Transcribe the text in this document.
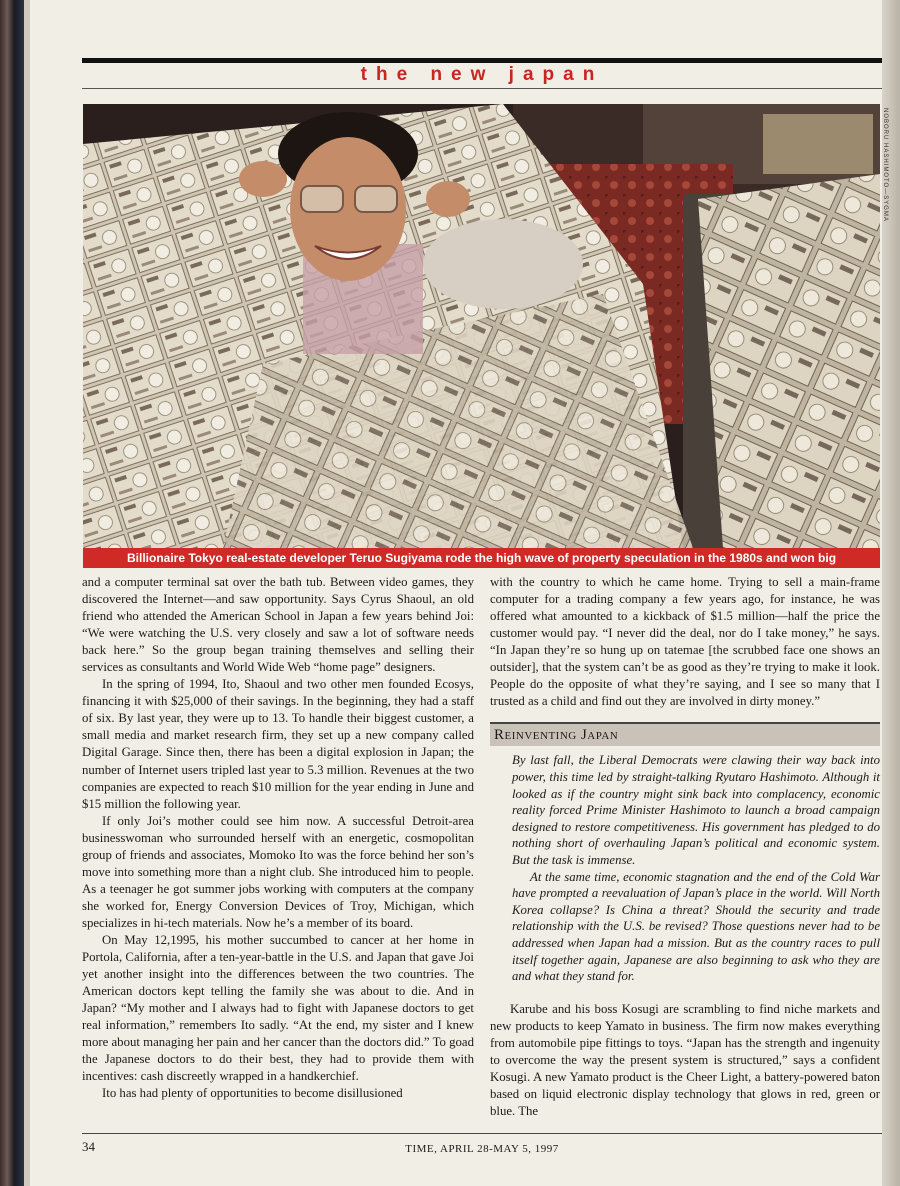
the new japan
NOBORU HASHIMOTO—SYGMA
Billionaire Tokyo real-estate developer Teruo Sugiyama rode the high wave of property speculation in the 1980s and won big

and a computer terminal sat over the bath tub. Between video games, they discovered the Internet—and saw opportunity. Says Cyrus Shaoul, an old friend who attended the American School in Japan a few years behind Joi: “We were watching the U.S. very closely and saw a lot of software needs back here.” So the group began training themselves and selling their services as consultants and World Wide Web “home page” designers.

In the spring of 1994, Ito, Shaoul and two other men founded Ecosys, financing it with $25,000 of their savings. In the beginning, they had a staff of six. By last year, they were up to 13. To handle their biggest customer, a small media and market research firm, they set up a new company called Digital Garage. Since then, there has been a digital explosion in Japan; the number of Internet users tripled last year to 5.3 million. Revenues at the two companies are expected to reach $10 million for the year ending in June and $15 million the following year.

If only Joi’s mother could see him now. A successful Detroit-area businesswoman who surrounded herself with an energetic, cosmopolitan group of friends and associates, Momoko Ito was the force behind her son’s move into something more than a night club. She introduced him to people. As a teenager he got summer jobs working with computers at the company she worked for, Energy Conversion Devices of Troy, Michigan, which specializes in hi-tech materials. Now he’s a member of its board.

On May 12,1995, his mother succumbed to cancer at her home in Portola, California, after a ten-year-battle in the U.S. and Japan that gave Joi yet another insight into the differences between the two countries. The American doctors kept telling the family she was about to die. And in Japan? “My mother and I always had to fight with Japanese doctors to get real information,” remembers Ito sadly. “At the end, my sister and I knew more about managing her pain and her cancer than the doctors did.” To goad the Japanese doctors to do their best, they had to provide them with incentives: cash discreetly wrapped in a handkerchief.

Ito has had plenty of opportunities to become disillusioned

with the country to which he came home. Trying to sell a main-frame computer for a trading company a few years ago, for instance, he was offered what amounted to a kickback of $1.5 million—half the price the customer would pay. “I never did the deal, nor do I take money,” he says. “In Japan they’re so hung up on tatemae [the scrubbed face one shows an outsider], that the system can’t be as good as they’re trying to make it look. People do the opposite of what they’re saying, and I see so many that I trusted as a child and find out they are involved in dirty money.”

Reinventing Japan

By last fall, the Liberal Democrats were clawing their way back into power, this time led by straight-talking Ryutaro Hashimoto. Although it looked as if the country might sink back into complacency, economic reality forced Prime Minister Hashimoto to launch a broad campaign designed to restore competitiveness. His government has pledged to do nothing short of overhauling Japan’s political and economic system. But the task is immense.

At the same time, economic stagnation and the end of the Cold War have prompted a reevaluation of Japan’s place in the world. Will North Korea collapse? Is China a threat? Should the security and trade relationship with the U.S. be revised? Those questions never had to be addressed when Japan had a mission. But as the country races to pull itself together again, Japanese are also beginning to ask who they are and what they stand for.

Karube and his boss Kosugi are scrambling to find niche markets and new products to keep Yamato in business. The firm now makes everything from automobile pipe fittings to toys. “Japan has the strength and ingenuity to overcome the way the present system is structured,” says a confident Kosugi. A new Yamato product is the Cheer Light, a battery-powered baton based on liquid electronic display technology that glows in red, green or blue. The

34	TIME, APRIL 28-MAY 5, 1997
